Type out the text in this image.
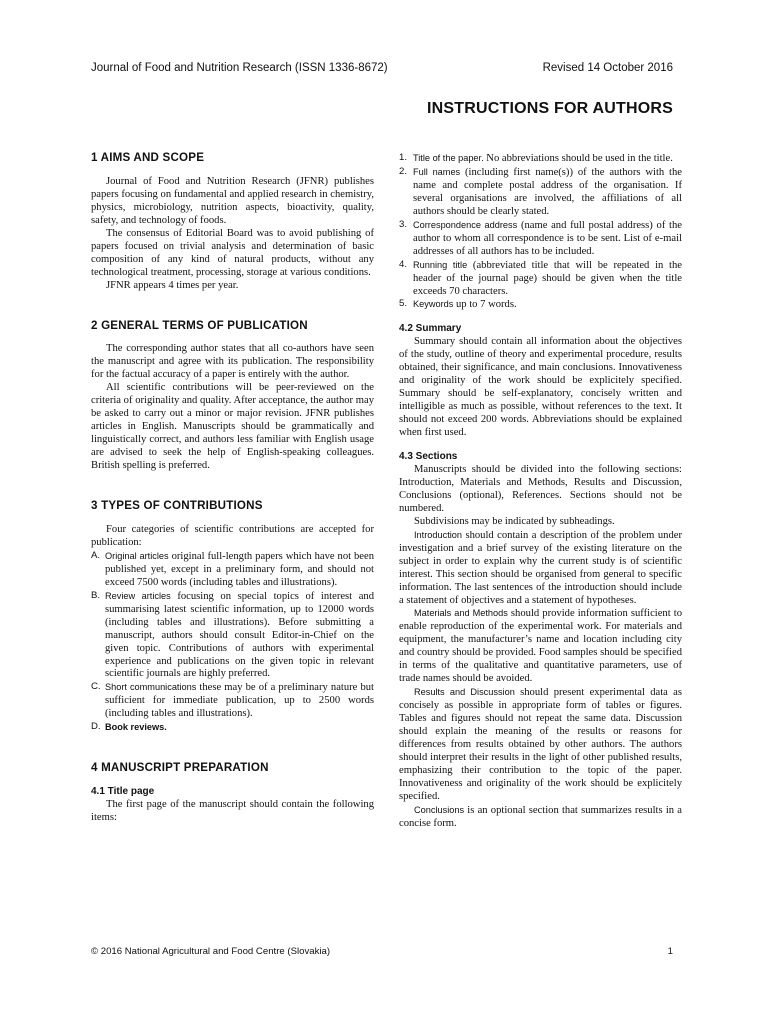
Journal of Food and Nutrition Research (ISSN 1336-8672)	Revised 14 October 2016
INSTRUCTIONS FOR AUTHORS
1 AIMS AND SCOPE

Journal of Food and Nutrition Research (JFNR) publishes papers focusing on fundamental and applied research in chemistry, physics, microbiology, nutrition aspects, bioactivity, quality, safety, and technology of foods.

The consensus of Editorial Board was to avoid publishing of papers focused on trivial analysis and determination of basic composition of any kind of natural products, without any technological treatment, processing, storage at various conditions.

JFNR appears 4 times per year.

2 GENERAL TERMS OF PUBLICATION

The corresponding author states that all co-authors have seen the manuscript and agree with its publication. The responsibility for the factual accuracy of a paper is entirely with the author.

All scientific contributions will be peer-reviewed on the criteria of originality and quality. After acceptance, the author may be asked to carry out a minor or major revision. JFNR publishes articles in English. Manuscripts should be grammatically and linguistically correct, and authors less familiar with English usage are advised to seek the help of English-speaking colleagues. British spelling is preferred.

3 TYPES OF CONTRIBUTIONS

Four categories of scientific contributions are accepted for publication:

A. Original articles original full-length papers which have not been published yet, except in a preliminary form, and should not exceed 7500 words (including tables and illustrations).
B. Review articles focusing on special topics of interest and summarising latest scientific information, up to 12000 words (including tables and illustrations). Before submitting a manuscript, authors should consult Editor-in-Chief on the given topic. Contributions of authors with experimental experience and publications on the given topic in relevant scientific journals are highly preferred.
C. Short communications these may be of a preliminary nature but sufficient for immediate publication, up to 2500 words (including tables and illustrations).
D. Book reviews.
4 MANUSCRIPT PREPARATION
4.1 Title page

The first page of the manuscript should contain the following items:

1. Title of the paper. No abbreviations should be used in the title.
2. Full names (including first name(s)) of the authors with the name and complete postal address of the organisation. If several organisations are involved, the affiliations of all authors should be clearly stated.
3. Correspondence address (name and full postal address) of the author to whom all correspondence is to be sent. List of e-mail addresses of all authors has to be included.
4. Running title (abbreviated title that will be repeated in the header of the journal page) should be given when the title exceeds 70 characters.
5. Keywords up to 7 words.
4.2 Summary

Summary should contain all information about the objectives of the study, outline of theory and experimental procedure, results obtained, their significance, and main conclusions. Innovativeness and originality of the work should be explicitely specified. Summary should be self-explanatory, concisely written and intelligible as much as possible, without references to the text. It should not exceed 200 words. Abbreviations should be explained when first used.

4.3 Sections

Manuscripts should be divided into the following sections: Introduction, Materials and Methods, Results and Discussion, Conclusions (optional), References. Sections should not be numbered.

Subdivisions may be indicated by subheadings.

Introduction should contain a description of the problem under investigation and a brief survey of the existing literature on the subject in order to explain why the current study is of scientific interest. This section should be organised from general to specific information. The last sentences of the introduction should include a statement of objectives and a statement of hypotheses.

Materials and Methods should provide information sufficient to enable reproduction of the experimental work. For materials and equipment, the manufacturer’s name and location including city and country should be provided. Food samples should be specified in terms of the qualitative and quantitative parameters, use of trade names should be avoided.

Results and Discussion should present experimental data as concisely as possible in appropriate form of tables or figures. Tables and figures should not repeat the same data. Discussion should explain the meaning of the results or reasons for differences from results obtained by other authors. The authors should interpret their results in the light of other published results, emphasizing their contribution to the topic of the paper. Innovativeness and originality of the work should be explicitely specified.

Conclusions is an optional section that summarizes results in a concise form.

© 2016 National Agricultural and Food Centre (Slovakia)	1
